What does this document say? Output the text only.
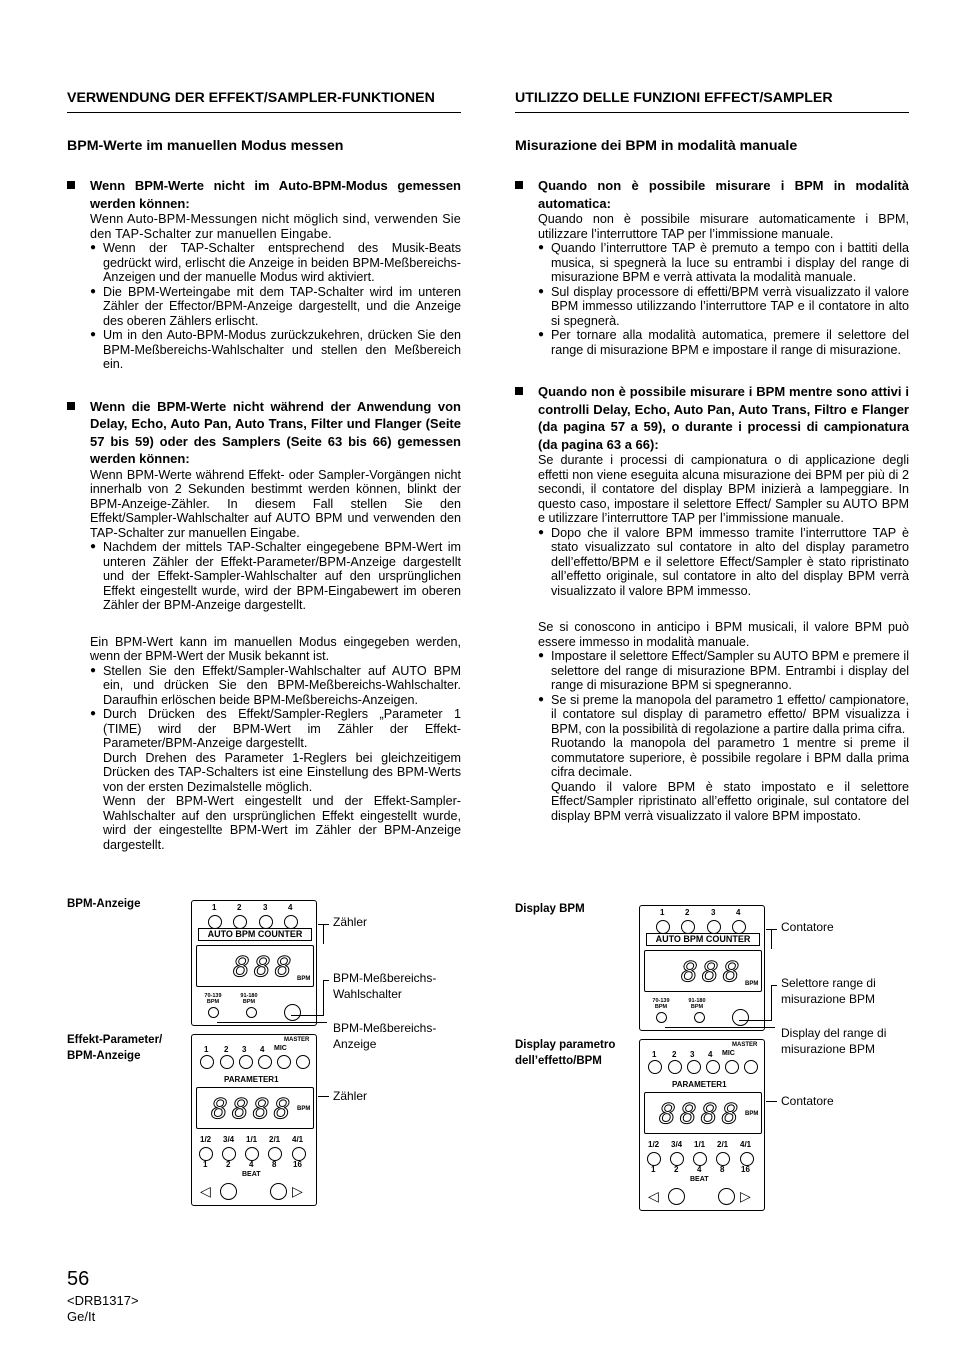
VERWENDUNG DER EFFEKT/SAMPLER-FUNKTIONEN
BPM-Werte im manuellen Modus messen

Wenn BPM-Werte nicht im Auto-BPM-Modus gemessen werden können:

Wenn Auto-BPM-Messungen nicht möglich sind, verwenden Sie den TAP-Schalter zur manuellen Eingabe.

● Wenn der TAP-Schalter entsprechend des Musik-Beats gedrückt wird, erlischt die Anzeige in beiden BPM-Meßbereichs-Anzeigen und der manuelle Modus wird aktiviert.
● Die BPM-Werteingabe mit dem TAP-Schalter wird im unteren Zähler der Effector/BPM-Anzeige dargestellt, und die Anzeige des oberen Zählers erlischt.
● Um in den Auto-BPM-Modus zurückzukehren, drücken Sie den BPM-Meßbereichs-Wahlschalter und stellen den Meßbereich ein.

Wenn die BPM-Werte nicht während der Anwendung von Delay, Echo, Auto Pan, Auto Trans, Filter und Flanger (Seite 57 bis 59) oder des Samplers (Seite 63 bis 66) gemessen werden können:

Wenn BPM-Werte während Effekt- oder Sampler-Vorgängen nicht innerhalb von 2 Sekunden bestimmt werden können, blinkt der BPM-Anzeige-Zähler. In diesem Fall stellen Sie den Effekt/Sampler-Wahlschalter auf AUTO BPM und verwenden den TAP-Schalter zur manuellen Eingabe.

● Nachdem der mittels TAP-Schalter eingegebene BPM-Wert im unteren Zähler der Effekt-Parameter/BPM-Anzeige dargestellt und der Effekt-Sampler-Wahlschalter auf den ursprünglichen Effekt eingestellt wurde, wird der BPM-Eingabewert im oberen Zähler der BPM-Anzeige dargestellt.

Ein BPM-Wert kann im manuellen Modus eingegeben werden, wenn der BPM-Wert der Musik bekannt ist.

● Stellen Sie den Effekt/Sampler-Wahlschalter auf AUTO BPM ein, und drücken Sie den BPM-Meßbereichs-Wahlschalter. Daraufhin erlöschen beide BPM-Meßbereichs-Anzeigen.
● Durch Drücken des Effekt/Sampler-Reglers „Parameter 1 (TIME) wird der BPM-Wert im Zähler der Effekt-Parameter/BPM-Anzeige dargestellt.
Durch Drehen des Parameter 1-Reglers bei gleichzeitigem Drücken des TAP-Schalters ist eine Einstellung des BPM-Werts von der ersten Dezimalstelle möglich.
Wenn der BPM-Wert eingestellt und der Effekt-Sampler-Wahlschalter auf den ursprünglichen Effekt eingestellt wurde, wird der eingestellte BPM-Wert im Zähler der BPM-Anzeige dargestellt.
UTILIZZO DELLE FUNZIONI EFFECT/SAMPLER
Misurazione dei BPM in modalità manuale

Quando non è possibile misurare i BPM in modalità automatica:

Quando non è possibile misurare automaticamente i BPM, utilizzare l’interruttore TAP per l’immissione manuale.

● Quando l’interruttore TAP è premuto a tempo con i battiti della musica, si spegnerà la luce su entrambi i display del range di misurazione BPM e verrà attivata la modalità manuale.
● Sul display processore di effetti/BPM verrà visualizzato il valore BPM immesso utilizzando l’interruttore TAP e il contatore in alto si spegnerà.
● Per tornare alla modalità automatica, premere il selettore del range di misurazione BPM e impostare il range di misurazione.

Quando non è possibile misurare i BPM mentre sono attivi i controlli Delay, Echo, Auto Pan, Auto Trans, Filtro e Flanger (da pagina 57 a 59), o durante i processi di campionatura (da pagina 63 a 66):

Se durante i processi di campionatura o di applicazione degli effetti non viene eseguita alcuna misurazione dei BPM per più di 2 secondi, il contatore del display BPM inizierà a lampeggiare. In questo caso, impostare il selettore Effect/ Sampler su AUTO BPM e utilizzare l’interruttore TAP per l’immissione manuale.

● Dopo che il valore BPM immesso tramite l’interruttore TAP è stato visualizzato sul contatore in alto del display parametro dell’effetto/BPM e il selettore Effect/Sampler è stato ripristinato all’effetto originale, sul contatore in alto del display BPM verrà visualizzato il valore BPM immesso.

Se si conoscono in anticipo i BPM musicali, il valore BPM può essere immesso in modalità manuale.

● Impostare il selettore Effect/Sampler su AUTO BPM e premere il selettore del range di misurazione BPM. Entrambi i display del range di misurazione BPM si spegneranno.
● Se si preme la manopola del parametro 1 effetto/ campionatore, il contatore sul display di parametro effetto/ BPM visualizza i BPM, con la possibilità di regolazione a partire dalla prima cifra.
Ruotando la manopola del parametro 1 mentre si preme il commutatore superiore, è possibile regolare i BPM dalla prima cifra decimale.
Quando il valore BPM è stato impostato e il selettore Effect/Sampler ripristinato all’effetto originale, sul contatore del display BPM verrà visualizzato il valore BPM impostato.
BPM-Anzeige
Effekt-Parameter/
BPM-Anzeige
1	2	3	4
AUTO BPM COUNTER
888 BPM
70-139
BPM
91-180
BPM
1 2 3 4 MIC
MASTER
PARAMETER1
8888 BPM
1/2 3/4 1/1 2/1 4/1
1 2 4 8 16
BEAT
◁	▷
Zähler
BPM-Meßbereichs-
Wahlschalter
BPM-Meßbereichs-
Anzeige
Zähler
Display BPM
Display parametro
dell’effetto/BPM
1	2	3	4
AUTO BPM COUNTER
888 BPM
70-139
BPM
91-180
BPM
1 2 3 4 MIC
MASTER
PARAMETER1
8888 BPM
1/2 3/4 1/1 2/1 4/1
1 2 4 8 16
BEAT
◁	▷
Contatore
Selettore range di
misurazione BPM
Display del range di
misurazione BPM
Contatore
56
<DRB1317>
Ge/It
